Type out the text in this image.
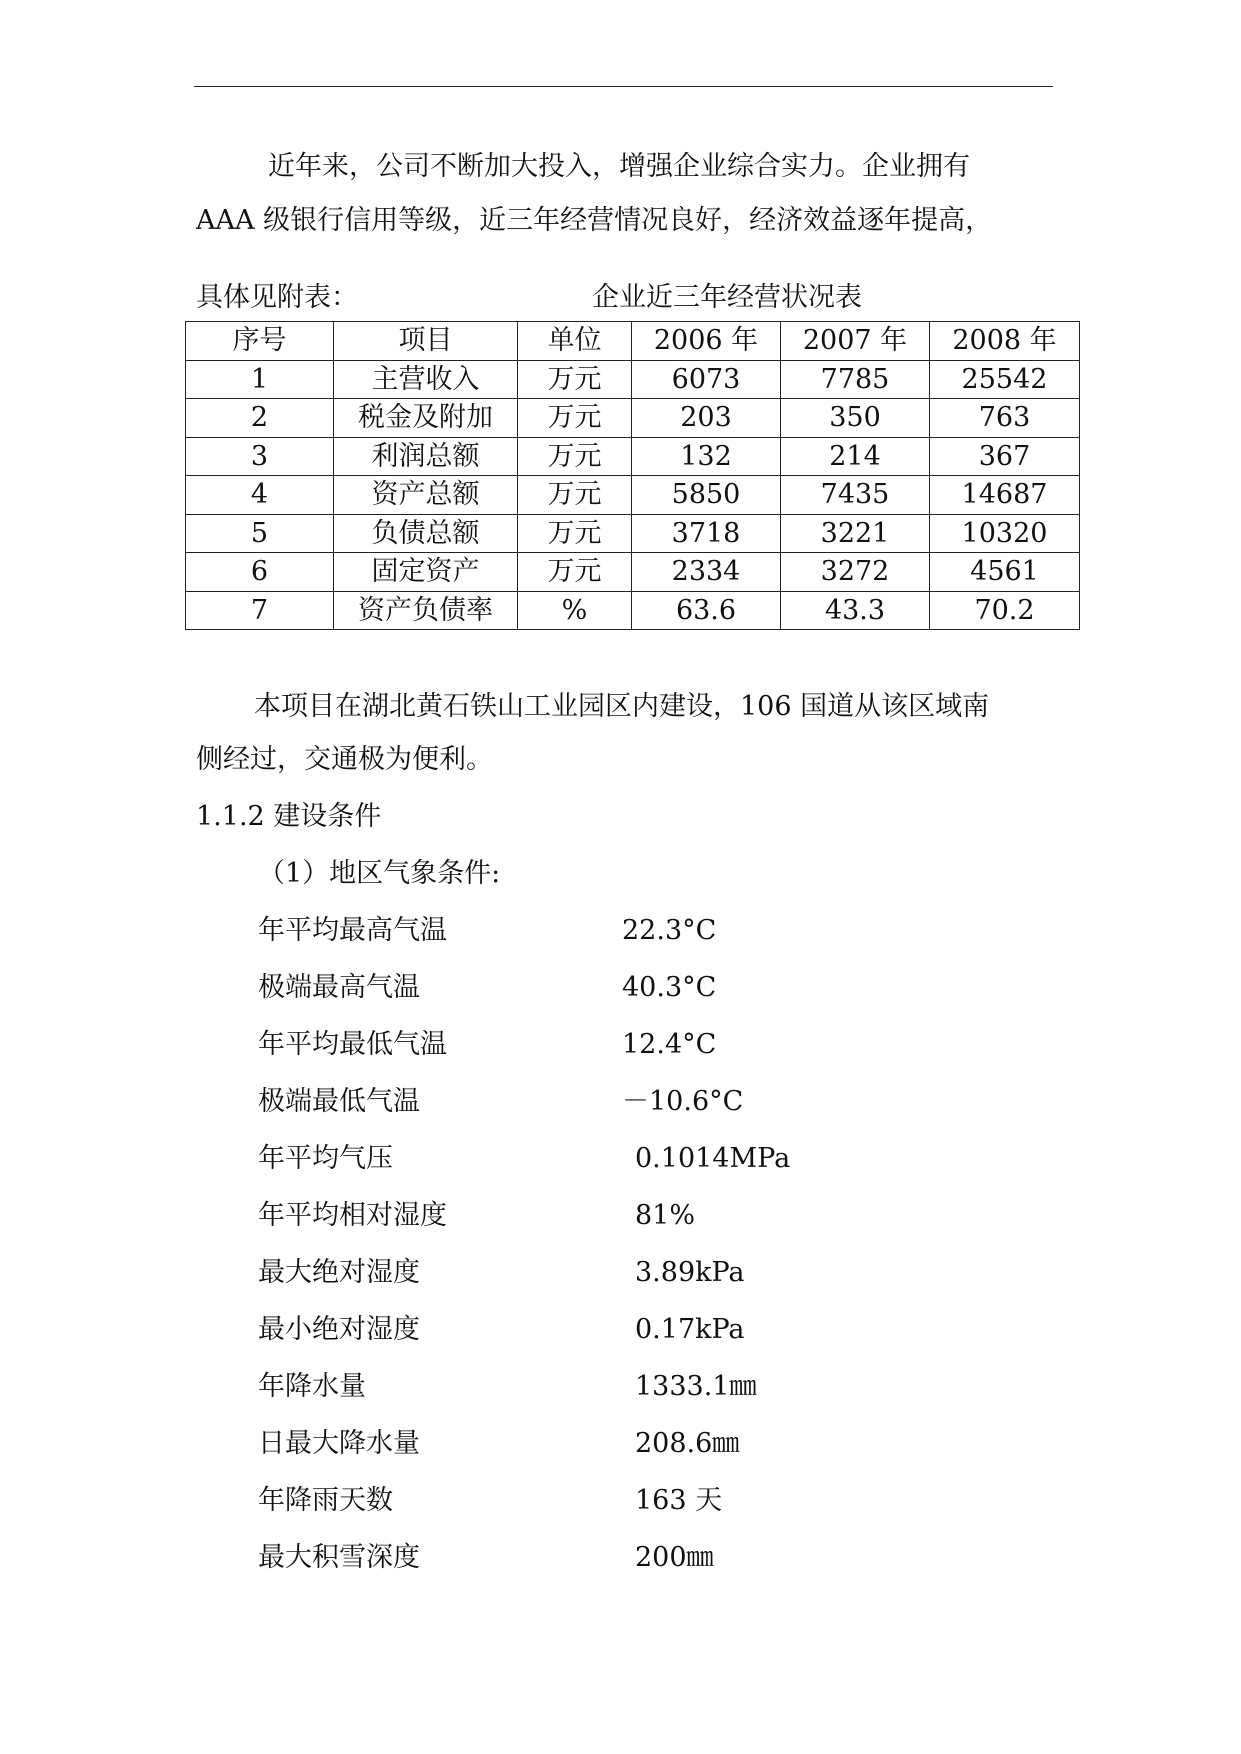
近年来，公司不断加大投入，增强企业综合实力。企业拥有
AAA 级银行信用等级，近三年经营情况良好，经济效益逐年提高，
具体见附表：	企业近三年经营状况表
序号	项目	单位	2006 年	2007 年	2008 年
1	主营收入	万元	6073	7785	25542
2	税金及附加	万元	203	350	763
3	利润总额	万元	132	214	367
4	资产总额	万元	5850	7435	14687
5	负债总额	万元	3718	3221	10320
6	固定资产	万元	2334	3272	4561
7	资产负债率	%	63.6	43.3	70.2
本项目在湖北黄石铁山工业园区内建设，106 国道从该区域南
侧经过，交通极为便利。
1.1.2 建设条件
（1）地区气象条件:
年平均最高气温	22.3°C
极端最高气温	40.3°C
年平均最低气温	12.4°C
极端最低气温	－10.6°C
年平均气压	0.1014MPa
年平均相对湿度	81%
最大绝对湿度	3.89kPa
最小绝对湿度	0.17kPa
年降水量	1333.1㎜
日最大降水量	208.6㎜
年降雨天数	163 天
最大积雪深度	200㎜
